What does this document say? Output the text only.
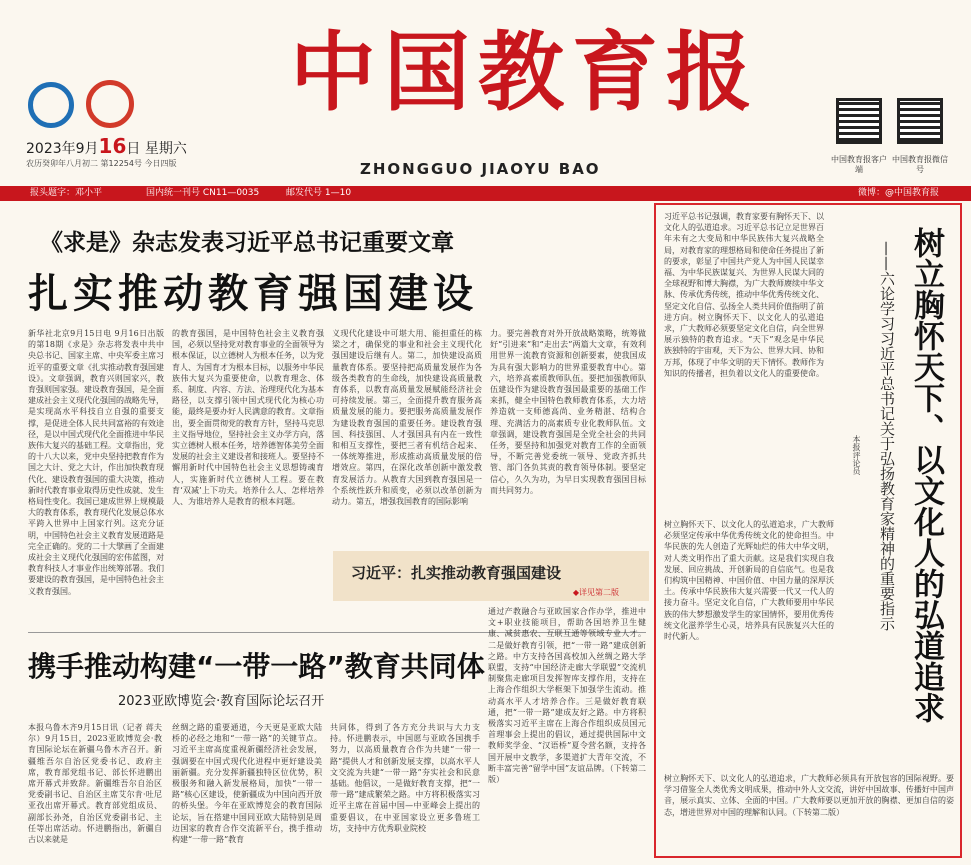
2023年9月16日 星期六
农历癸卯年八月初二 第12254号 今日四版
中国教育报
ZHONGGUO JIAOYU BAO
中国教育报客户端
中国教育报微信号
报头题字：邓小平	国内统一刊号 CN11—0035	邮发代号 1—10	微博：@中国教育报
《求是》杂志发表习近平总书记重要文章
扎实推动教育强国建设
新华社北京9月15日电 9月16日出版的第18期《求是》杂志将发表中共中央总书记、国家主席、中央军委主席习近平的重要文章《扎实推动教育强国建设》。文章强调，教育兴则国家兴，教育强则国家强。建设教育强国，是全面建成社会主义现代化强国的战略先导，是实现高水平科技自立自强的重要支撑，是促进全体人民共同富裕的有效途径，是以中国式现代化全面推进中华民族伟大复兴的基础工程。文章指出，党的十八大以来，党中央坚持把教育作为国之大计、党之大计，作出加快教育现代化、建设教育强国的重大决策，推动新时代教育事业取得历史性成就、发生格局性变化。我国已建成世界上规模最大的教育体系，教育现代化发展总体水平跨入世界中上国家行列。这充分证明，中国特色社会主义教育发展道路是完全正确的。党的二十大擘画了全面建成社会主义现代化强国的宏伟蓝图，对教育科技人才事业作出统筹部署。我们要建设的教育强国，是中国特色社会主义教育强国。
的教育强国，是中国特色社会主义教育强国，必须以坚持党对教育事业的全面领导为根本保证，以立德树人为根本任务，以为党育人、为国育才为根本目标，以服务中华民族伟大复兴为重要使命，以教育理念、体系、制度、内容、方法、治理现代化为基本路径，以支撑引领中国式现代化为核心功能，最终是要办好人民满意的教育。文章指出，要全面贯彻党的教育方针，坚持马克思主义指导地位，坚持社会主义办学方向，落实立德树人根本任务，培养德智体美劳全面发展的社会主义建设者和接班人。要坚持不懈用新时代中国特色社会主义思想铸魂育人，实施新时代立德树人工程。要在教育‘双减’上下功夫。培养什么人、怎样培养人、为谁培养人是教育的根本问题。
义现代化建设中可堪大用、能担重任的栋梁之才，确保党的事业和社会主义现代化强国建设后继有人。第二，加快建设高质量教育体系。要坚持把高质量发展作为各级各类教育的生命线，加快建设高质量教育体系，以教育高质量发展赋能经济社会可持续发展。第三，全面提升教育服务高质量发展的能力。要把服务高质量发展作为建设教育强国的重要任务。建设教育强国、科技强国、人才强国具有内在一致性和相互支撑性，要把三者有机结合起来、一体统筹推进，形成推动高质量发展的倍增效应。第四，在深化改革创新中激发教育发展活力。从教育大国到教育强国是一个系统性跃升和质变，必须以改革创新为动力。第五，增强我国教育的国际影响
力。要完善教育对外开放战略策略，统筹做好“引进来”和“走出去”两篇大文章，有效利用世界一流教育资源和创新要素，使我国成为具有强大影响力的世界重要教育中心。第六，培养高素质教师队伍。要把加强教师队伍建设作为建设教育强国最重要的基础工作来抓，健全中国特色教师教育体系，大力培养造就一支师德高尚、业务精湛、结构合理、充满活力的高素质专业化教师队伍。文章强调，建设教育强国是全党全社会的共同任务，要坚持和加强党对教育工作的全面领导，不断完善党委统一领导、党政齐抓共管、部门各负其责的教育领导体制。要坚定信心，久久为功，为早日实现教育强国目标而共同努力。
习近平：扎实推动教育强国建设
◆详见第二版
携手推动构建“一带一路”教育共同体
2023亚欧博览会·教育国际论坛召开
本报乌鲁木齐9月15日讯（记者 蒋夫尔）9月15日，2023亚欧博览会·教育国际论坛在新疆乌鲁木齐召开。新疆维吾尔自治区党委书记、政府主席，教育部党组书记、部长怀进鹏出席开幕式并致辞。新疆维吾尔自治区党委副书记、自治区主席艾尔肯·吐尼亚孜出席开幕式。教育部党组成员、副部长孙尧，自治区党委副书记、主任等出席活动。怀进鹏指出，新疆自古以来就是
丝绸之路的重要通道，今天更是亚欧大陆桥的必经之地和“一带一路”的关键节点。习近平主席高度重视新疆经济社会发展，强调要在中国式现代化进程中更好建设美丽新疆。充分发挥新疆独特区位优势，积极服务和融入新发展格局，加快“一带一路”核心区建设，使新疆成为中国向西开放的桥头堡。今年在亚欧博览会的教育国际论坛，旨在搭建中国同亚欧大陆特别是周边国家的教育合作交流新平台，携手推动构建“一带一路”教育
共同体，得到了各方充分共识与大力支持。怀进鹏表示，中国愿与亚欧各国携手努力，以高质量教育合作为共建“一带一路”提供人才和创新发展支撑，以高水平人文交流为共建“一带一路”夯实社会和民意基础。他倡议，一是做好教育支撑，把“一带一路”建成繁荣之路。中方将积极落实习近平主席在首届中国—中亚峰会上提出的重要倡议，在中亚国家设立更多鲁班工坊，支持中方优秀职业院校
通过产教融合与亚欧国家合作办学，推进中文+职业技能项目，帮助各国培养卫生健康、减贫惠农、互联互通等领域专业人才。二是做好教育引领，把“一带一路”建成创新之路。中方支持各国高校加入丝绸之路大学联盟，支持“中国经济走廊大学联盟”交流机制聚焦走廊项目发挥智库支撑作用，支持在上海合作组织大学框架下加强学生流动。推动高水平人才培养合作。三是做好教育联通，把“一带一路”建成友好之路。中方将积极落实习近平主席在上海合作组织成员国元首理事会上提出的倡议，通过提供国际中文教师奖学金、“汉语桥”夏令营名额，支持各国开展中文教学，多渠道扩大青年交流，不断丰富完善“留学中国”友谊品牌。（下转第二版）
树立胸怀天下、以文化人的弘道追求
——六论学习习近平总书记关于弘扬教育家精神的重要指示
本报评论员
习近平总书记强调，教育家要有胸怀天下、以文化人的弘道追求。习近平总书记立足世界百年未有之大变局和中华民族伟大复兴战略全局，对教育家的理想格局和使命任务提出了新的要求，彰显了中国共产党人为中国人民谋幸福、为中华民族谋复兴、为世界人民谋大同的全球视野和博大胸襟，为广大教师赓续中华文脉、传承优秀传统，推动中华优秀传统文化、坚定文化自信、弘扬全人类共同价值指明了前进方向。树立胸怀天下、以文化人的弘道追求，广大教师必须要坚定文化自信，向全世界展示独特的教育追求。“天下”观念是中华民族独特的宇宙观，天下为公、世界大同、协和万邦，体现了中华文明的天下情怀。教师作为知识的传播者，担负着以文化人的重要使命。
树立胸怀天下、以文化人的弘道追求，广大教师必须坚定传承中华优秀传统文化的使命担当。中华民族的先人创造了光辉灿烂的伟大中华文明，对人类文明作出了重大贡献。这是我们实现自我发展、回应挑战、开创新局的自信底气。也是我们构筑中国精神、中国价值、中国力量的深厚沃土。传承中华民族伟大复兴需要一代又一代人的接力奋斗。坚定文化自信，广大教师要用中华民族的伟大梦想激发学生的家国情怀，要用优秀传统文化滋养学生心灵，培养具有民族复兴大任的时代新人。
树立胸怀天下、以文化人的弘道追求，广大教师必须具有开放包容的国际视野。要学习借鉴全人类优秀文明成果，推动中外人文交流，讲好中国故事、传播好中国声音，展示真实、立体、全面的中国。广大教师要以更加开放的胸襟、更加自信的姿态，增进世界对中国的理解和认同。（下转第二版）
